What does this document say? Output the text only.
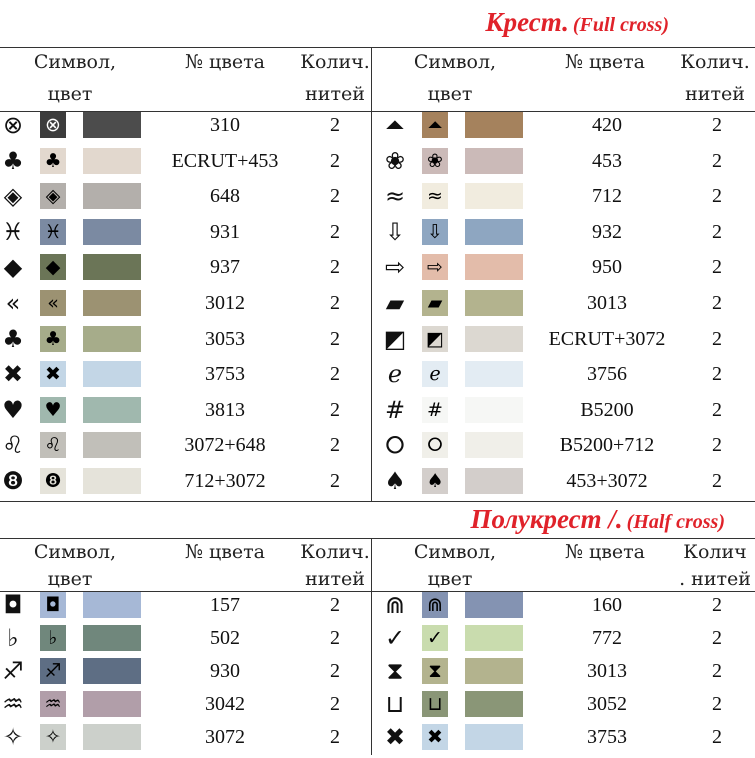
Крест. (Full cross)
Полукрест /. (Half cross)
Символ,
цвет
№ цвета	Колич.
нитей
Символ,
цвет
№ цвета	Колич.
нитей
Символ,
цвет
№ цвета	Колич.
нитей
Символ,
цвет
№ цвета	Колич
. нитей
⊗ ⊗	310	2
♣ ♣	ECRUT+453	2
◈ ◈	648	2
♓ ♓	931	2
◆ ◆	937	2
«	«	3012	2
♣ ♣	3053	2
✖ ✖	3753	2
♥ ♥	3813	2
♌ ♌	3072+648	2
❽ ❽	712+3072	2
⏶ ⏶	420	2
❀ ❀	453	2
≈ ≈	712	2
⇩ ⇩	932	2
⇨ ⇨	950	2
▰ ▰	3013	2
◩ ◩	ECRUT+3072	2
ℯ	ℯ	3756	2
# #	B5200	2
⭘ ⭘	B5200+712	2
♠ ♠	453+3072	2
◘ ◘	157	2
♭	♭	502	2
♐ ♐	930	2
♒ ♒	3042	2
✧ ✧	3072	2
⋒ ⋒	160	2
✓ ✓	772	2
⧗	⧗	3013	2
⊔ ⊔	3052	2
✖ ✖	3753	2
